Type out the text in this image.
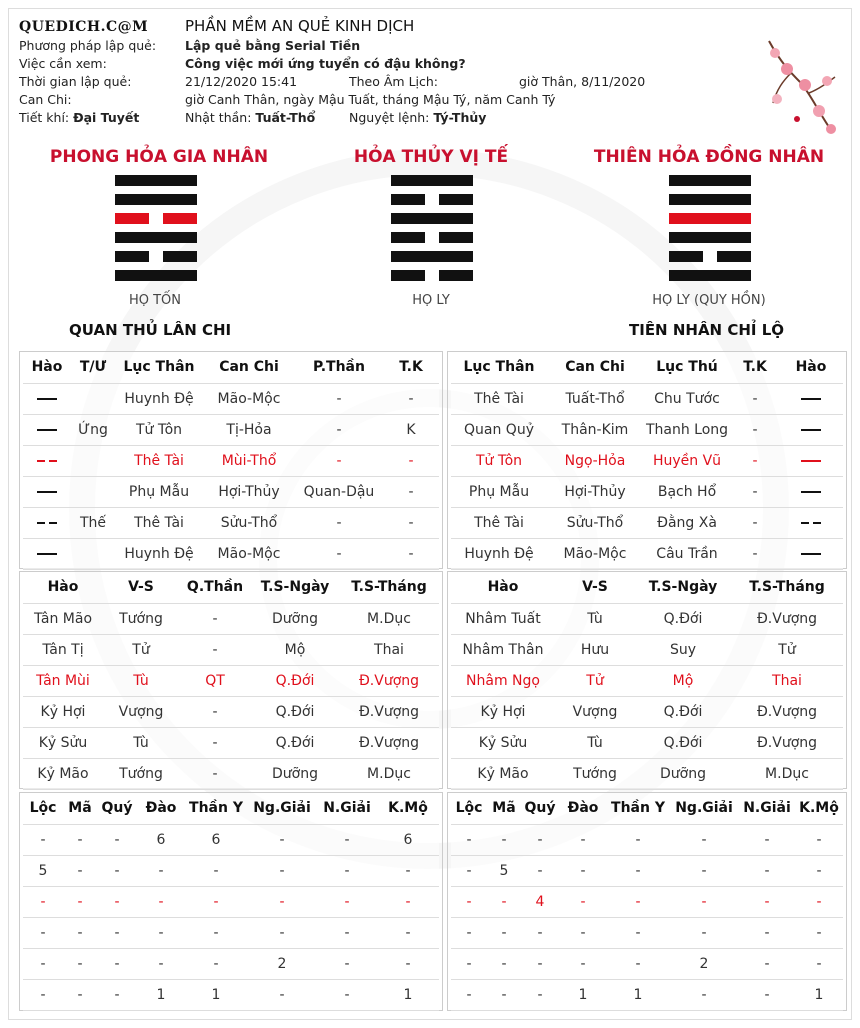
QUEDICH.C@M PHẦN MỀM AN QUẺ KINH DỊCH
Phương pháp lập quẻ: Lập quẻ bằng Serial Tiền
Việc cần xem:	Công việc mới ứng tuyển có đậu không?
Thời gian lập quẻ:	21/12/2020 15:41	Theo Âm Lịch:	giờ Thân, 8/11/2020
Can Chi:	giờ Canh Thân, ngày Mậu Tuất, tháng Mậu Tý, năm Canh Tý
Tiết khí: Đại Tuyết	Nhật thần: Tuất-Thổ	Nguyệt lệnh: Tý-Thủy
PHONG HỎA GIA NHÂN	HỎA THỦY VỊ TẾ	THIÊN HỎA ĐỒNG NHÂN
HỌ TỐN	HỌ LY	HỌ LY (QUY HỒN)
QUAN THỦ LÂN CHI	TIÊN NHÂN CHỈ LỘ
Hào	T/Ư	Lục Thân	Can Chi	P.Thần	T.K
		Huynh Đệ	Mão-Mộc	-	-
	Ứng	Tử Tôn	Tị-Hỏa	-	K
		Thê Tài	Mùi-Thổ	-	-
		Phụ Mẫu	Hợi-Thủy	Quan-Dậu	-
	Thế	Thê Tài	Sửu-Thổ	-	-
		Huynh Đệ	Mão-Mộc	-	-
Lục Thân	Can Chi	Lục Thú	T.K	Hào
Thê Tài	Tuất-Thổ	Chu Tước	-	
Quan Quỷ	Thân-Kim	Thanh Long	-	
Tử Tôn	Ngọ-Hỏa	Huyền Vũ	-	
Phụ Mẫu	Hợi-Thủy	Bạch Hổ	-	
Thê Tài	Sửu-Thổ	Đằng Xà	-	
Huynh Đệ	Mão-Mộc	Câu Trần	-	
Hào	V-S	Q.Thần	T.S-Ngày	T.S-Tháng
Tân Mão	Tướng	-	Dưỡng	M.Dục
Tân Tị	Tử	-	Mộ	Thai
Tân Mùi	Tù	QT	Q.Đới	Đ.Vượng
Kỷ Hợi	Vượng	-	Q.Đới	Đ.Vượng
Kỷ Sửu	Tù	-	Q.Đới	Đ.Vượng
Kỷ Mão	Tướng	-	Dưỡng	M.Dục
Hào	V-S	T.S-Ngày	T.S-Tháng
Nhâm Tuất	Tù	Q.Đới	Đ.Vượng
Nhâm Thân	Hưu	Suy	Tử
Nhâm Ngọ	Tử	Mộ	Thai
Kỷ Hợi	Vượng	Q.Đới	Đ.Vượng
Kỷ Sửu	Tù	Q.Đới	Đ.Vượng
Kỷ Mão	Tướng	Dưỡng	M.Dục
Lộc	Mã	Quý	Đào	Thần Y	Ng.Giải	N.Giải	K.Mộ
-	-	-	6	6	-	-	6
5	-	-	-	-	-	-	-
-	-	-	-	-	-	-	-
-	-	-	-	-	-	-	-
-	-	-	-	-	2	-	-
-	-	-	1	1	-	-	1
Lộc	Mã	Quý	Đào	Thần Y	Ng.Giải	N.Giải	K.Mộ
-	-	-	-	-	-	-	-
-	5	-	-	-	-	-	-
-	-	4	-	-	-	-	-
-	-	-	-	-	-	-	-
-	-	-	-	-	2	-	-
-	-	-	1	1	-	-	1
